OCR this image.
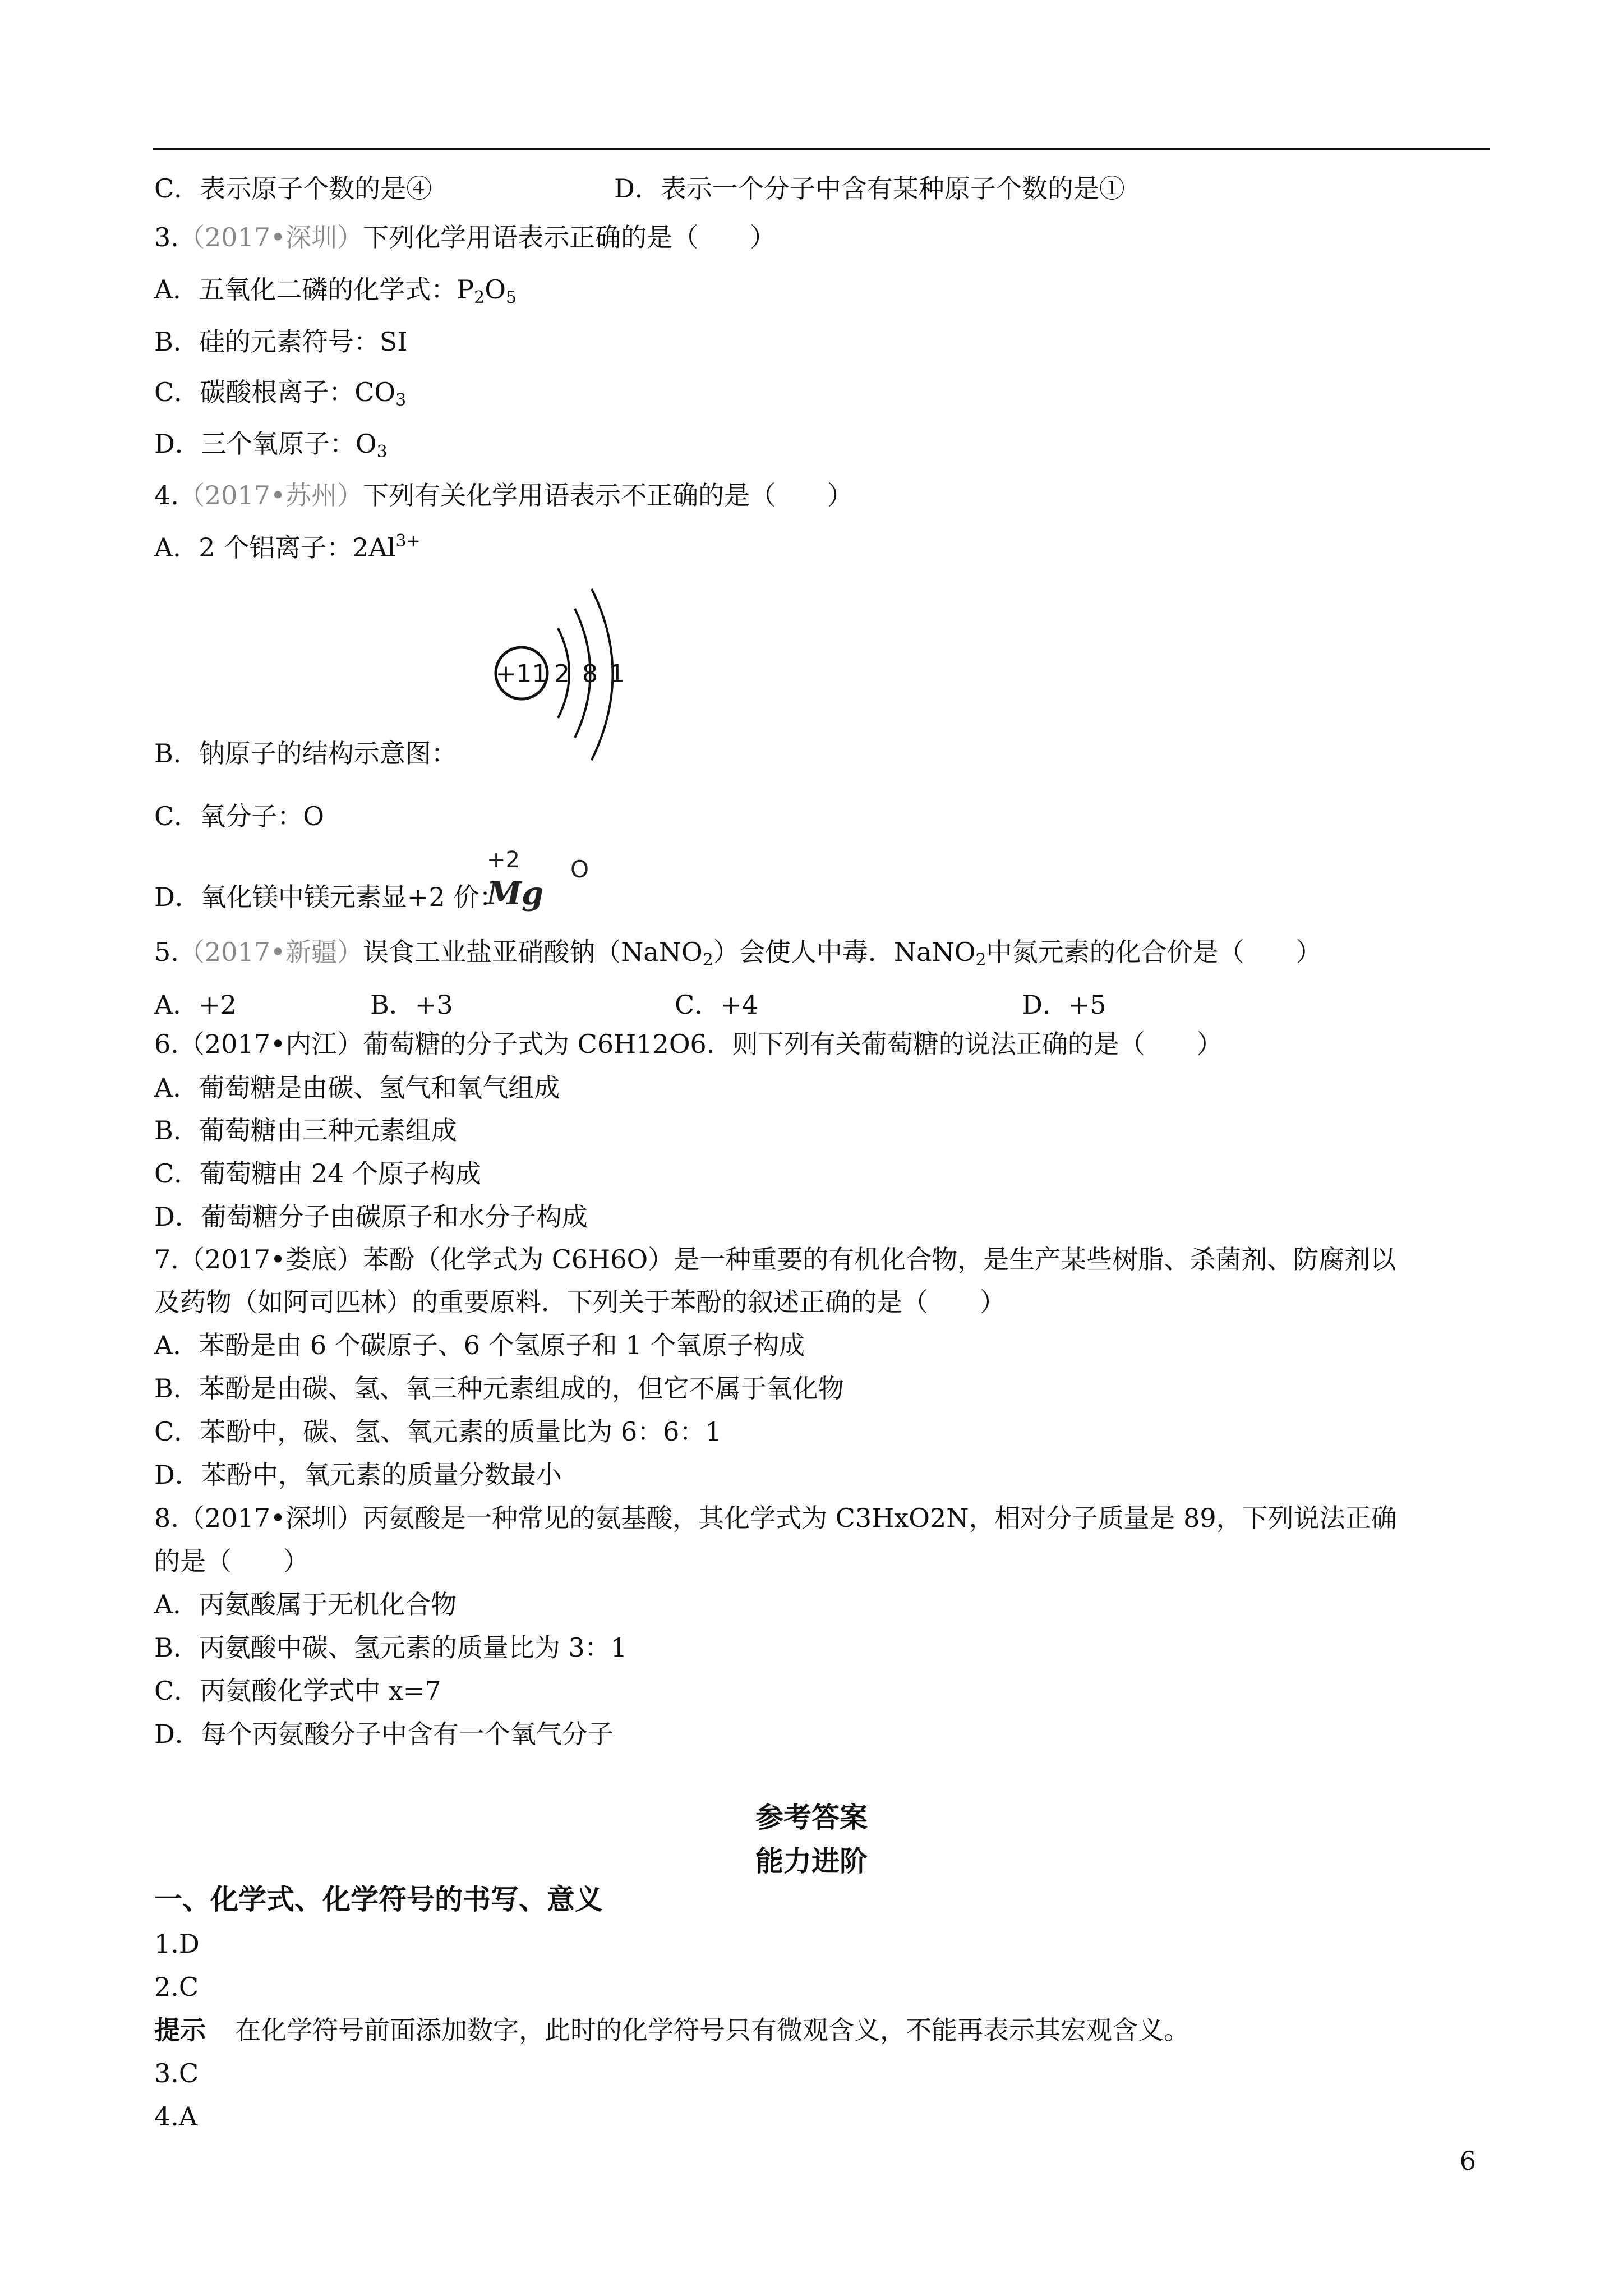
C．表示原子个数的是④	D．表示一个分子中含有某种原子个数的是①
3.（2017•深圳）下列化学用语表示正确的是（　　）
A．五氧化二磷的化学式：$P_2O_5$
B．硅的元素符号：SI
C．碳酸根离子：$CO_3$
D．三个氧原子：$O_3$
4.（2017•苏州）下列有关化学用语表示不正确的是（　　）
A．2 个铝离子：$2Al^{3+}$
+11 2 8 1
B．钠原子的结构示意图：
C．氧分子：O
+2
Mg
O
D．氧化镁中镁元素显+2 价：
5.（2017•新疆）误食工业盐亚硝酸钠（NaNO$_2$）会使人中毒．NaNO$_2$中氮元素的化合价是（　　）
A．+2	B．+3	C．+4	D．+5
6.（2017•内江）葡萄糖的分子式为 C6H12O6．则下列有关葡萄糖的说法正确的是（　　）
A．葡萄糖是由碳、氢气和氧气组成
B．葡萄糖由三种元素组成
C．葡萄糖由 24 个原子构成
D．葡萄糖分子由碳原子和水分子构成
7.（2017•娄底）苯酚（化学式为 C6H6O）是一种重要的有机化合物，是生产某些树脂、杀菌剂、防腐剂以
及药物（如阿司匹林）的重要原料．下列关于苯酚的叙述正确的是（　　）
A．苯酚是由 6 个碳原子、6 个氢原子和 1 个氧原子构成
B．苯酚是由碳、氢、氧三种元素组成的，但它不属于氧化物
C．苯酚中，碳、氢、氧元素的质量比为 6：6：1
D．苯酚中，氧元素的质量分数最小
8.（2017•深圳）丙氨酸是一种常见的氨基酸，其化学式为 C3HxO2N，相对分子质量是 89，下列说法正确
的是（　　）
A．丙氨酸属于无机化合物
B．丙氨酸中碳、氢元素的质量比为 3：1
C．丙氨酸化学式中 x=7
D．每个丙氨酸分子中含有一个氧气分子
参考答案
能力进阶
一、化学式、化学符号的书写、意义
1.D
2.C
提示 在化学符号前面添加数字，此时的化学符号只有微观含义，不能再表示其宏观含义。
3.C
4.A
6
